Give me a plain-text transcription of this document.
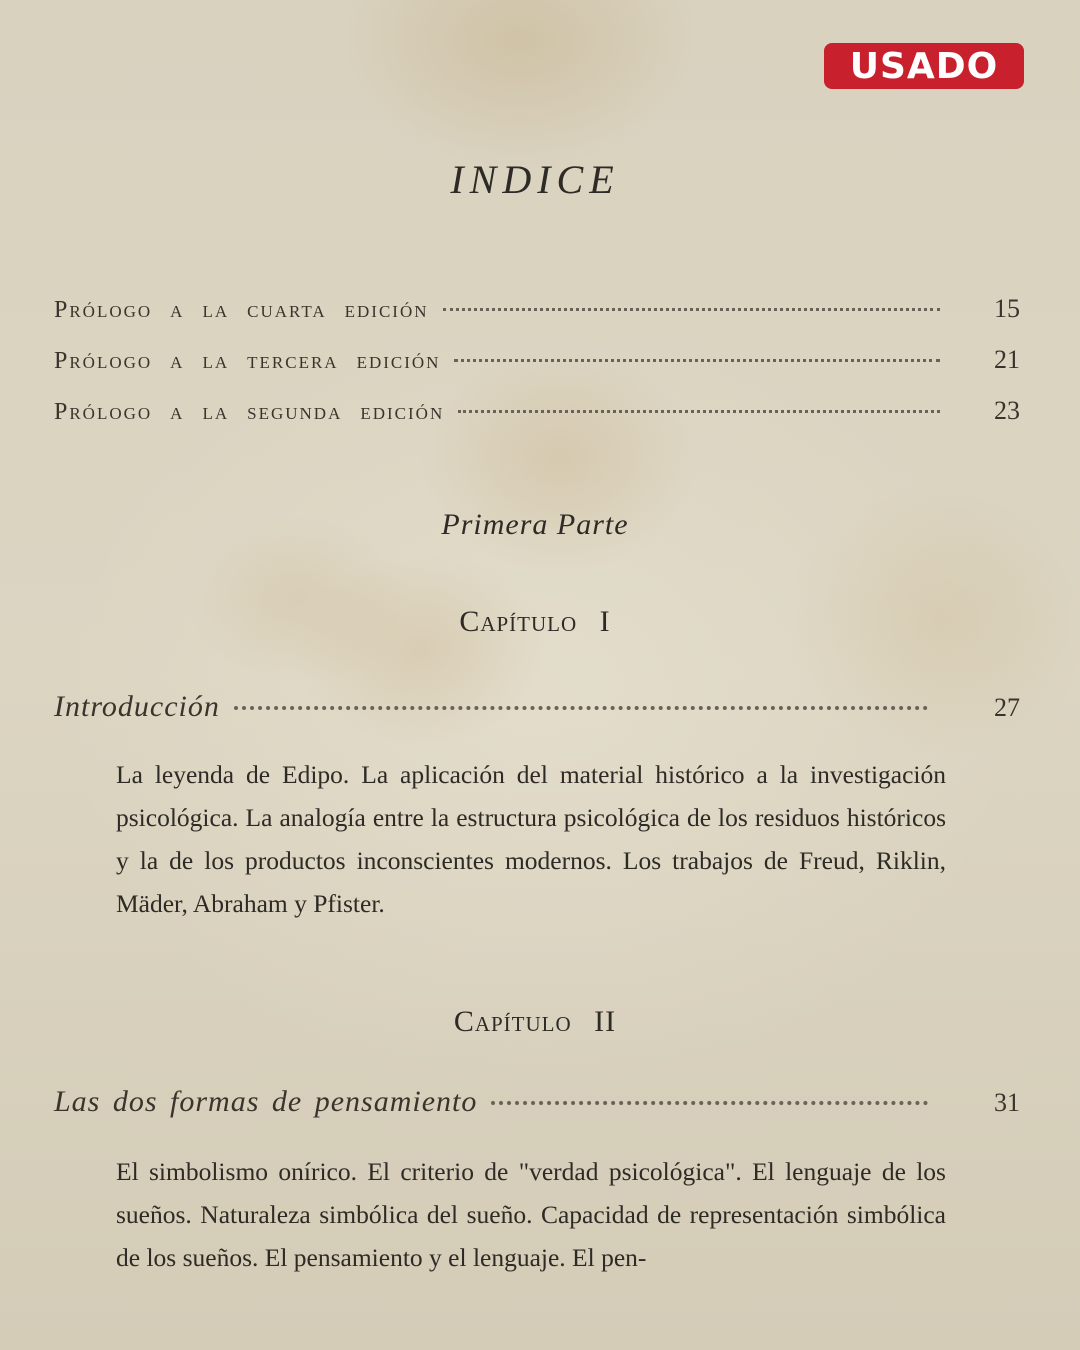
USADO
INDICE
Prólogo a la cuarta edición	15
Prólogo a la tercera edición	21
Prólogo a la segunda edición	23
Primera Parte
Capítulo I
Introducción	27
La leyenda de Edipo. La aplicación del material histórico a la investigación psicológica. La analogía entre la estructura psicológica de los residuos históricos y la de los productos inconscientes modernos. Los trabajos de Freud, Riklin, Mäder, Abraham y Pfister.
Capítulo II
Las dos formas de pensamiento	31
El simbolismo onírico. El criterio de "verdad psicológica". El lenguaje de los sueños. Naturaleza simbólica del sueño. Capacidad de representación simbólica de los sueños. El pensamiento y el lenguaje. El pen-
